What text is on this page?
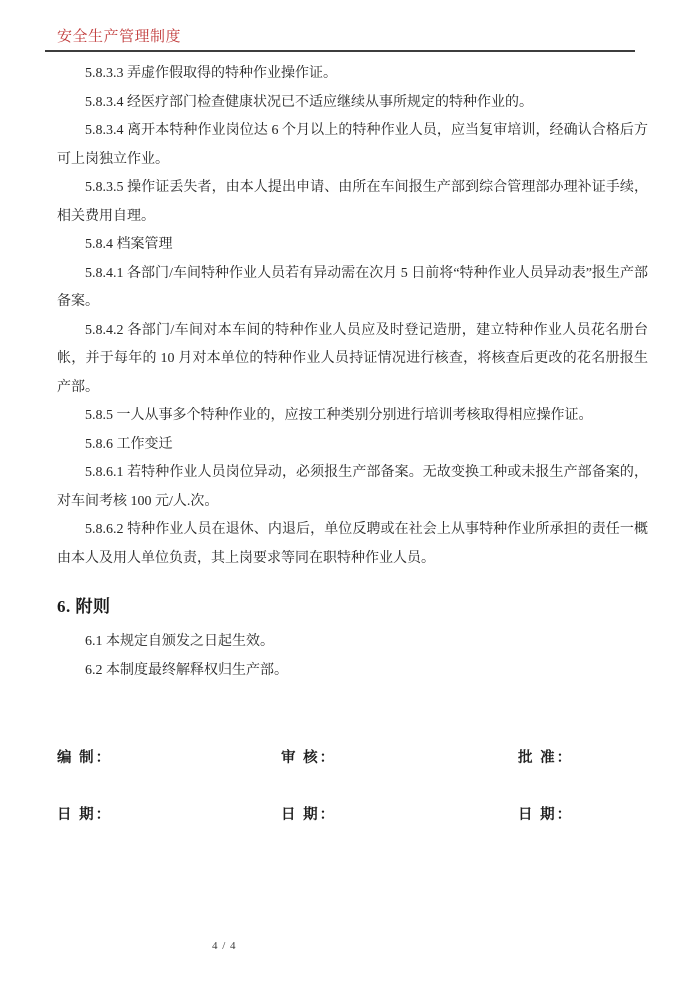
安全生产管理制度

5.8.3.3 弄虚作假取得的特种作业操作证。

5.8.3.4 经医疗部门检查健康状况已不适应继续从事所规定的特种作业的。

5.8.3.4 离开本特种作业岗位达 6 个月以上的特种作业人员，应当复审培训，经确认合格后方可上岗独立作业。

5.8.3.5 操作证丢失者，由本人提出申请、由所在车间报生产部到综合管理部办理补证手续，相关费用自理。

5.8.4 档案管理

5.8.4.1 各部门/车间特种作业人员若有异动需在次月 5 日前将“特种作业人员异动表”报生产部备案。

5.8.4.2 各部门/车间对本车间的特种作业人员应及时登记造册，建立特种作业人员花名册台帐，并于每年的 10 月对本单位的特种作业人员持证情况进行核查，将核查后更改的花名册报生产部。

5.8.5 一人从事多个特种作业的，应按工种类别分别进行培训考核取得相应操作证。

5.8.6 工作变迁

5.8.6.1 若特种作业人员岗位异动，必须报生产部备案。无故变换工种或未报生产部备案的，对车间考核 100 元/人.次。

5.8.6.2 特种作业人员在退休、内退后，单位反聘或在社会上从事特种作业所承担的责任一概由本人及用人单位负责，其上岗要求等同在职特种作业人员。

6. 附则

6.1 本规定自颁发之日起生效。

6.2 本制度最终解释权归生产部。

编 制：	审 核：	批 准：
日 期：	日 期：	日 期：
4 / 4
